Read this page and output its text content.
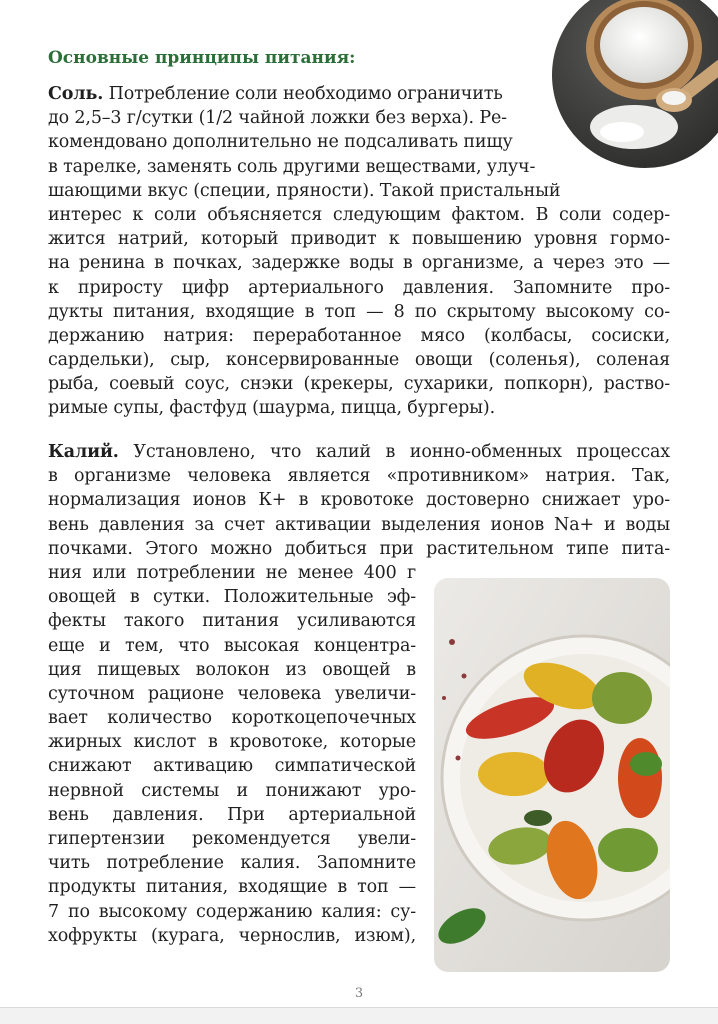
Основные принципы питания:
Соль. Потребление соли необходимо ограничить
до 2,5–3 г/сутки (1/2 чайной ложки без верха). Ре-
комендовано дополнительно не подсаливать пищу
в тарелке, заменять соль другими веществами, улуч-
шающими вкус (специи, пряности). Такой пристальный
интерес к соли объясняется следующим фактом. В соли содер-
жится натрий, который приводит к повышению уровня гормо-
на ренина в почках, задержке воды в организме, а через это —
к приросту цифр артериального давления. Запомните про-
дукты питания, входящие в топ — 8 по скрытому высокому со-
держанию натрия: переработанное мясо (колбасы, сосиски,
сардельки), сыр, консервированные овощи (соленья), соленая
рыба, соевый соус, снэки (крекеры, сухарики, попкорн), раство-
римые супы, фастфуд (шаурма, пицца, бургеры).
Калий. Установлено, что калий в ионно-обменных процессах
в организме человека является «противником» натрия. Так,
нормализация ионов К+ в кровотоке достоверно снижает уро-
вень давления за счет активации выделения ионов Na+ и воды
почками. Этого можно добиться при растительном типе пита-
ния или потреблении не менее 400 г
овощей в сутки. Положительные эф-
фекты такого питания усиливаются
еще и тем, что высокая концентра-
ция пищевых волокон из овощей в
суточном рационе человека увеличи-
вает количество короткоцепочечных
жирных кислот в кровотоке, которые
снижают активацию симпатической
нервной системы и понижают уро-
вень давления. При артериальной
гипертензии рекомендуется увели-
чить потребление калия. Запомните
продукты питания, входящие в топ —
7 по высокому содержанию калия: су-
хофрукты (курага, чернослив, изюм),
3
